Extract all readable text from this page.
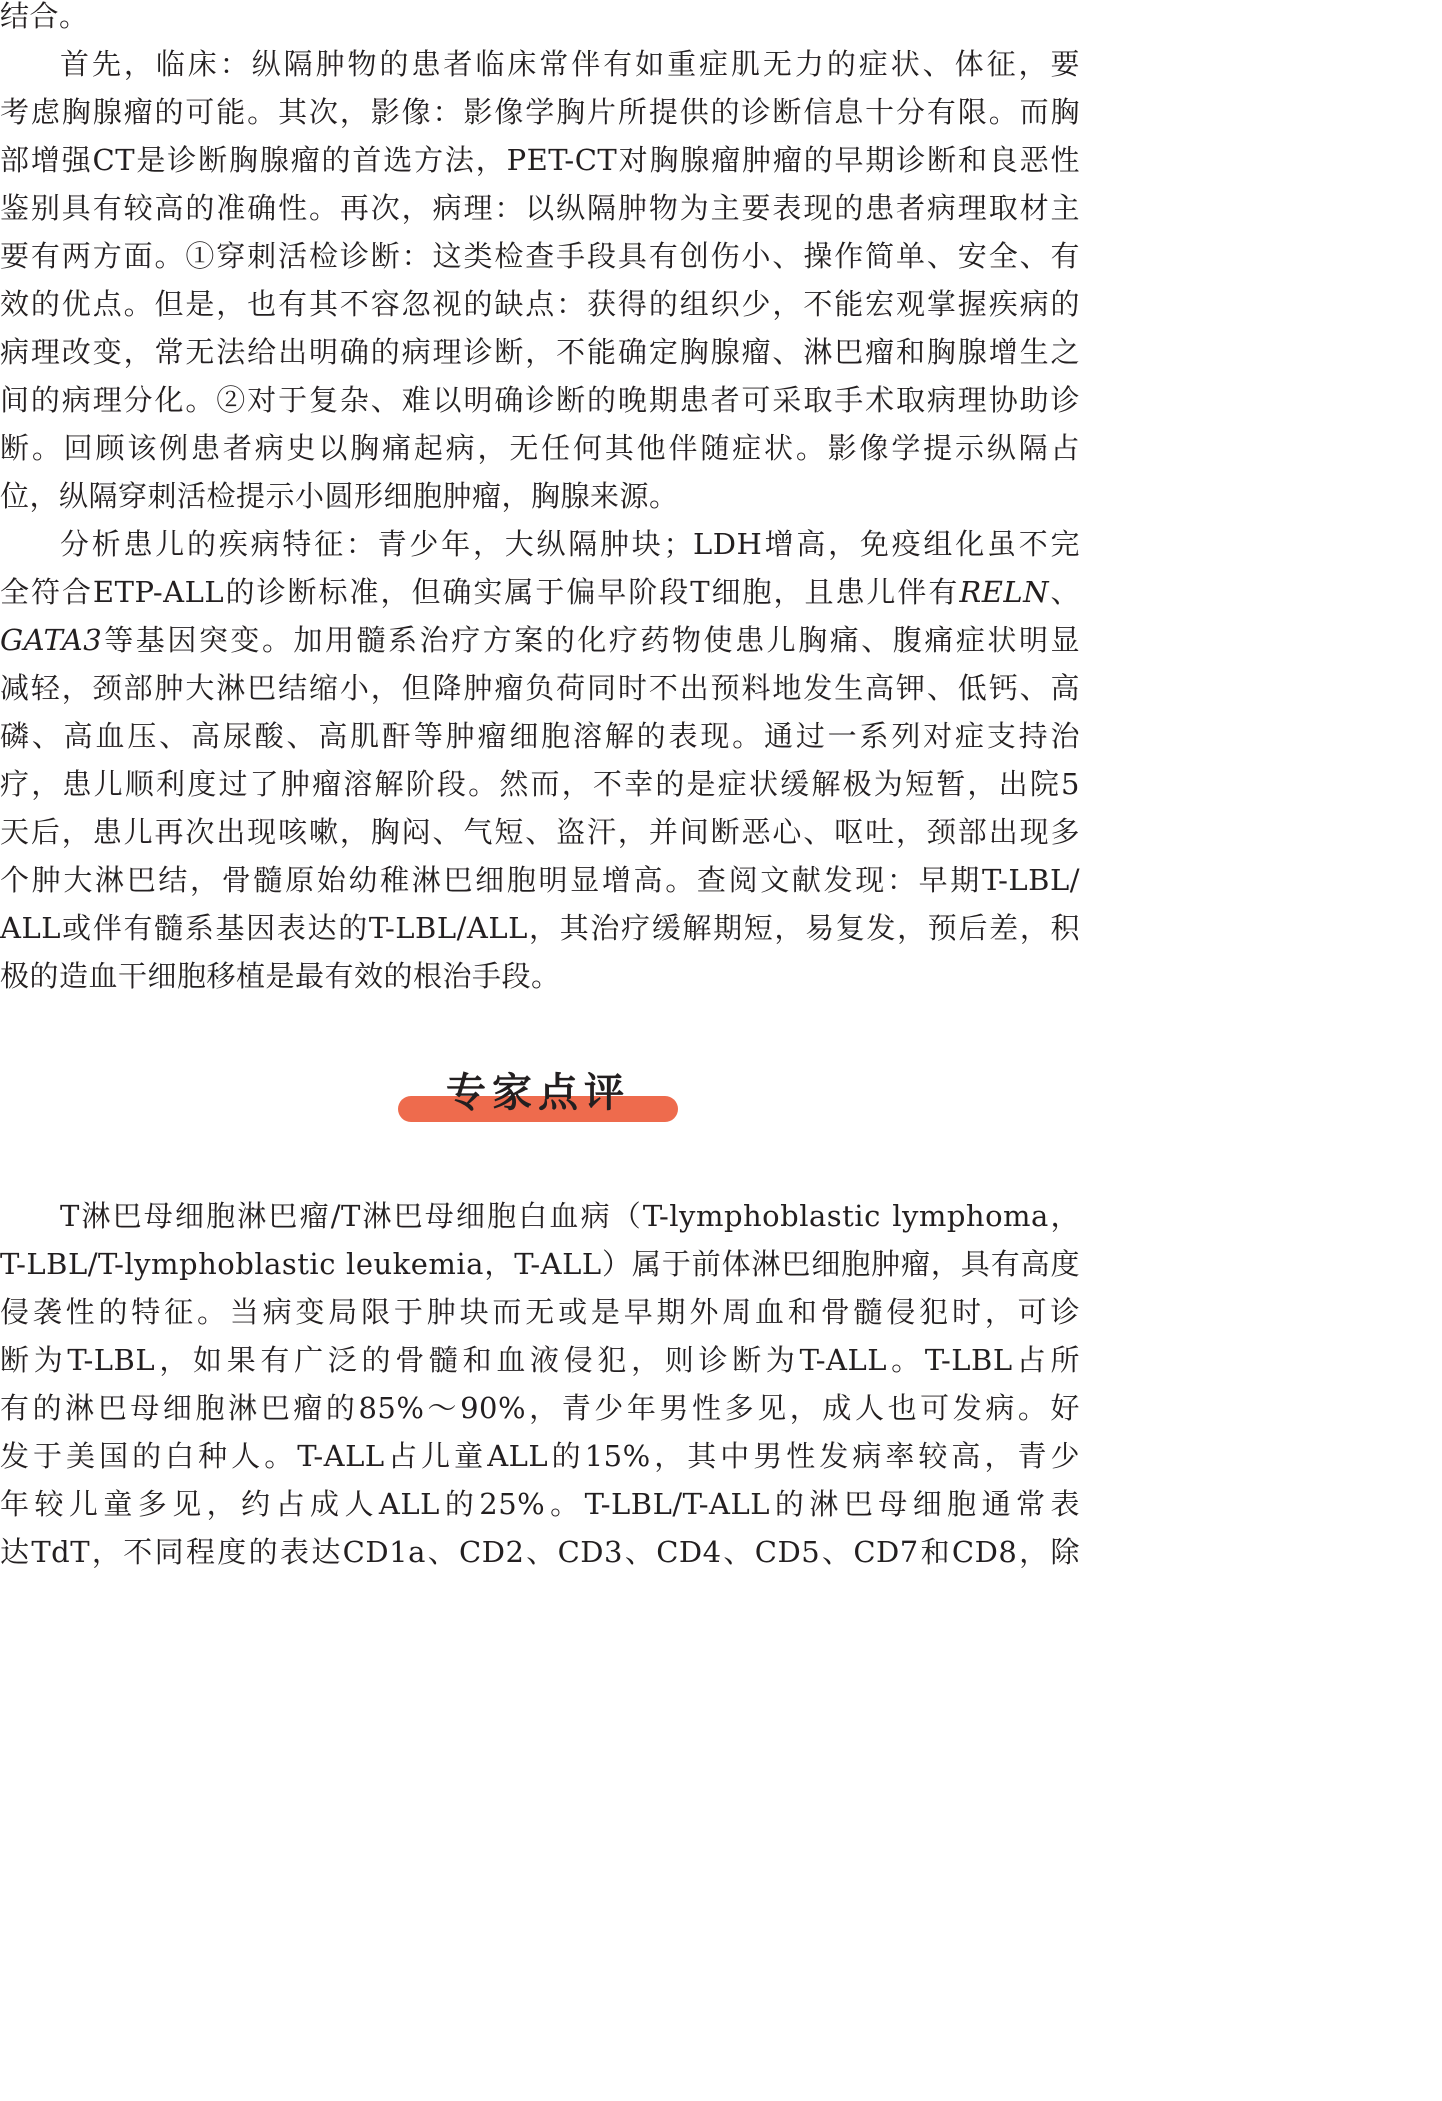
结合。
首先，临床：纵隔肿物的患者临床常伴有如重症肌无力的症状、体征，要
考虑胸腺瘤的可能。其次，影像：影像学胸片所提供的诊断信息十分有限。而胸
部增强CT是诊断胸腺瘤的首选方法，PET-CT对胸腺瘤肿瘤的早期诊断和良恶性
鉴别具有较高的准确性。再次，病理：以纵隔肿物为主要表现的患者病理取材主
要有两方面。①穿刺活检诊断：这类检查手段具有创伤小、操作简单、安全、有
效的优点。但是，也有其不容忽视的缺点：获得的组织少，不能宏观掌握疾病的
病理改变，常无法给出明确的病理诊断，不能确定胸腺瘤、淋巴瘤和胸腺增生之
间的病理分化。②对于复杂、难以明确诊断的晚期患者可采取手术取病理协助诊
断。回顾该例患者病史以胸痛起病，无任何其他伴随症状。影像学提示纵隔占
位，纵隔穿刺活检提示小圆形细胞肿瘤，胸腺来源。
分析患儿的疾病特征：青少年，大纵隔肿块；LDH增高，免疫组化虽不完
全符合ETP-ALL的诊断标准，但确实属于偏早阶段T细胞，且患儿伴有RELN、
GATA3等基因突变。加用髓系治疗方案的化疗药物使患儿胸痛、腹痛症状明显
减轻，颈部肿大淋巴结缩小，但降肿瘤负荷同时不出预料地发生高钾、低钙、高
磷、高血压、高尿酸、高肌酐等肿瘤细胞溶解的表现。通过一系列对症支持治
疗，患儿顺利度过了肿瘤溶解阶段。然而，不幸的是症状缓解极为短暂，出院5
天后，患儿再次出现咳嗽，胸闷、气短、盗汗，并间断恶心、呕吐，颈部出现多
个肿大淋巴结，骨髓原始幼稚淋巴细胞明显增高。查阅文献发现：早期T-LBL/
ALL或伴有髓系基因表达的T-LBL/ALL，其治疗缓解期短，易复发，预后差，积
极的造血干细胞移植是最有效的根治手段。
专家点评
T淋巴母细胞淋巴瘤/T淋巴母细胞白血病（T-lymphoblastic lymphoma，
T-LBL/T-lymphoblastic leukemia，T-ALL）属于前体淋巴细胞肿瘤，具有高度
侵袭性的特征。当病变局限于肿块而无或是早期外周血和骨髓侵犯时，可诊
断为T-LBL，如果有广泛的骨髓和血液侵犯，则诊断为T-ALL。T-LBL占所
有的淋巴母细胞淋巴瘤的85%～90%，青少年男性多见，成人也可发病。好
发于美国的白种人。T-ALL占儿童ALL的15%，其中男性发病率较高，青少
年较儿童多见，约占成人ALL的25%。T-LBL/T-ALL的淋巴母细胞通常表
达TdT，不同程度的表达CD1a、CD2、CD3、CD4、CD5、CD7和CD8，除
